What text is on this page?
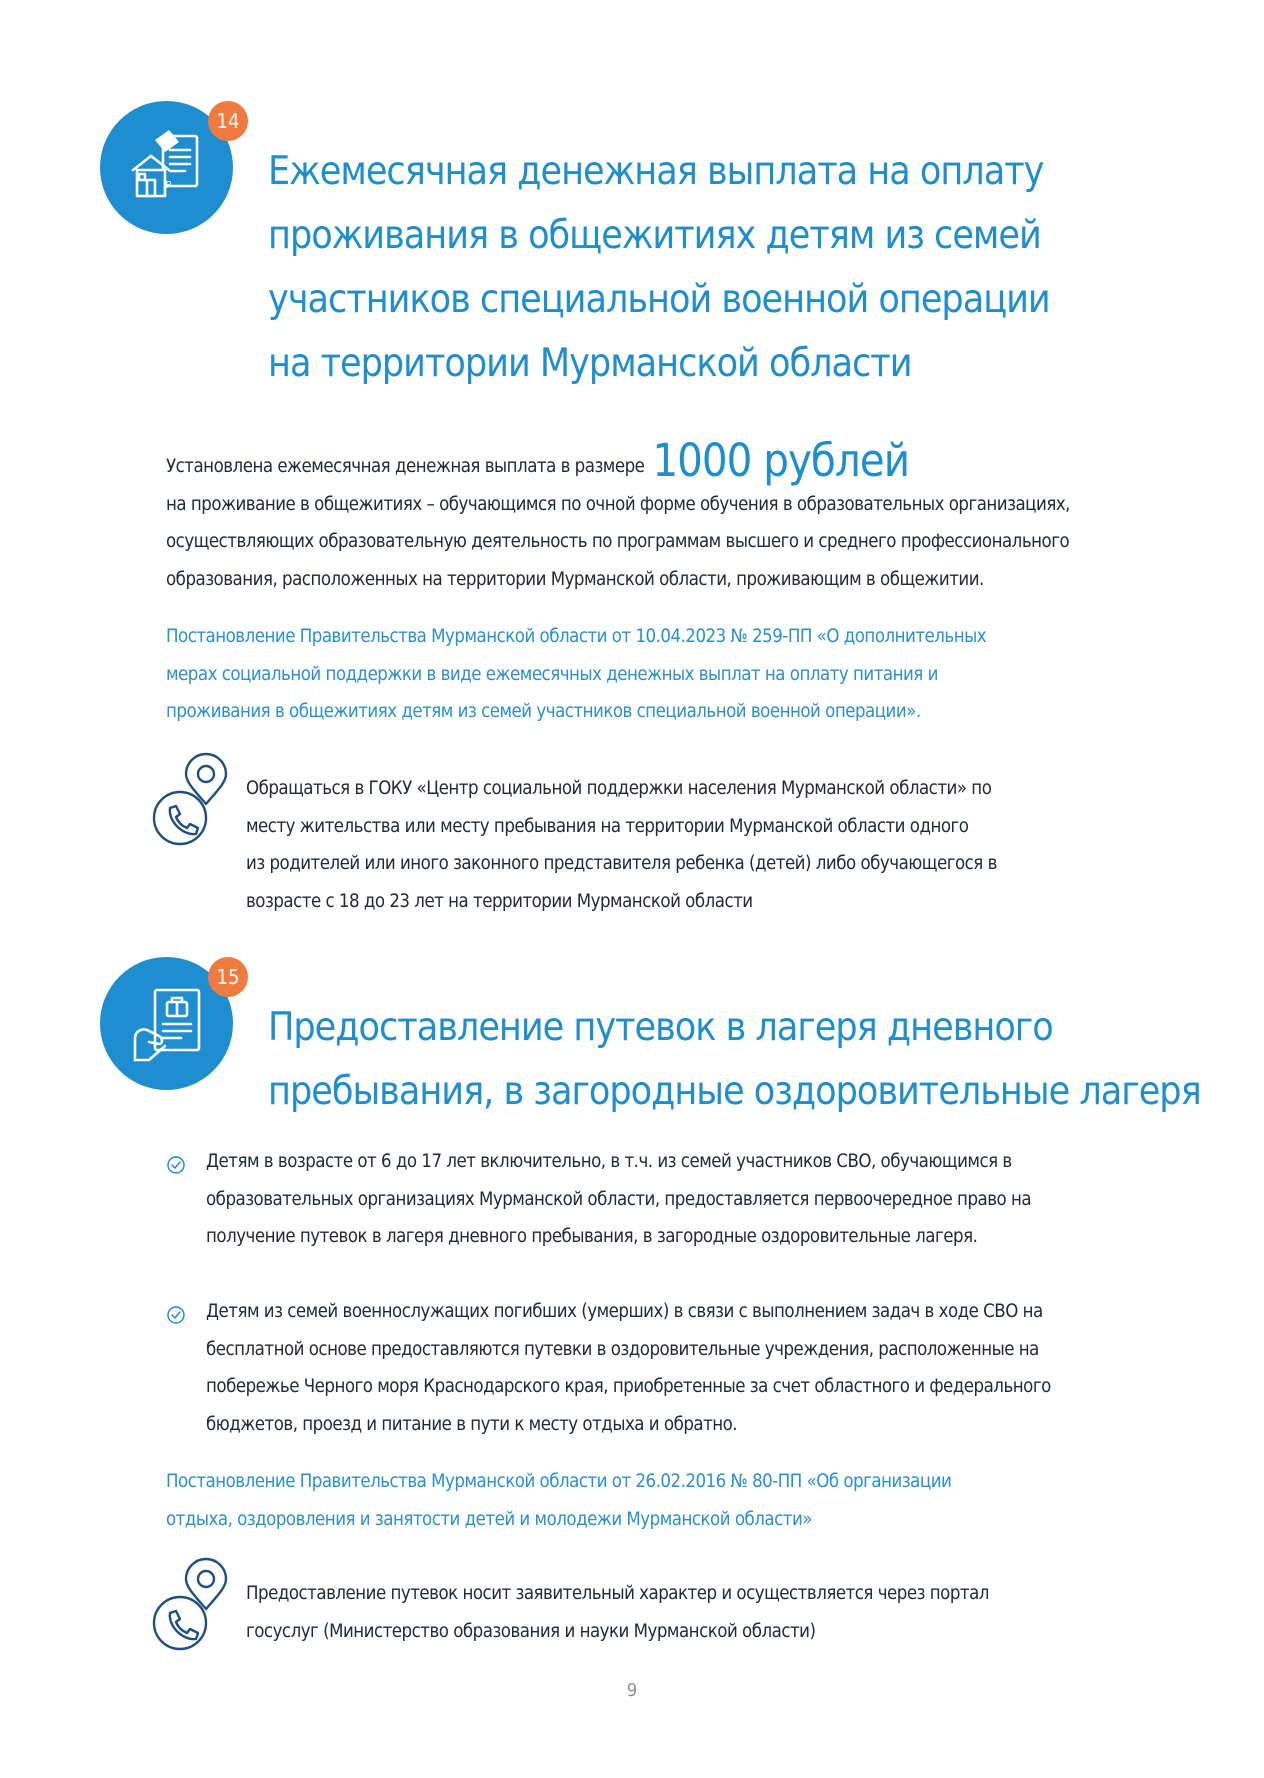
₽
14
Ежемесячная денежная выплата на оплату
проживания в общежитиях детям из семей
участников специальной военной операции
на территории Мурманской области
Установлена ежемесячная денежная выплата в размере 1000 рублей
на проживание в общежитиях – обучающимся по очной форме обучения в образовательных организациях,
осуществляющих образовательную деятельность по программам высшего и среднего профессионального
образования, расположенных на территории Мурманской области, проживающим в общежитии.
Постановление Правительства Мурманской области от 10.04.2023 № 259-ПП «О дополнительных
мерах социальной поддержки в виде ежемесячных денежных выплат на оплату питания и
проживания в общежитиях детям из семей участников специальной военной операции».
Обращаться в ГОКУ «Центр социальной поддержки населения Мурманской области» по
месту жительства или месту пребывания на территории Мурманской области одного
из родителей или иного законного представителя ребенка (детей) либо обучающегося в
возрасте с 18 до 23 лет на территории Мурманской области
15
Предоставление путевок в лагеря дневного
пребывания, в загородные оздоровительные лагеря
Детям в возрасте от 6 до 17 лет включительно, в т.ч. из семей участников СВО, обучающимся в
образовательных организациях Мурманской области, предоставляется первоочередное право на
получение путевок в лагеря дневного пребывания, в загородные оздоровительные лагеря.
Детям из семей военнослужащих погибших (умерших) в связи с выполнением задач в ходе СВО на
бесплатной основе предоставляются путевки в оздоровительные учреждения, расположенные на
побережье Черного моря Краснодарского края, приобретенные за счет областного и федерального
бюджетов, проезд и питание в пути к месту отдыха и обратно.
Постановление Правительства Мурманской области от 26.02.2016 № 80-ПП «Об организации
отдыха, оздоровления и занятости детей и молодежи Мурманской области»
Предоставление путевок носит заявительный характер и осуществляется через портал
госуслуг (Министерство образования и науки Мурманской области)
9
